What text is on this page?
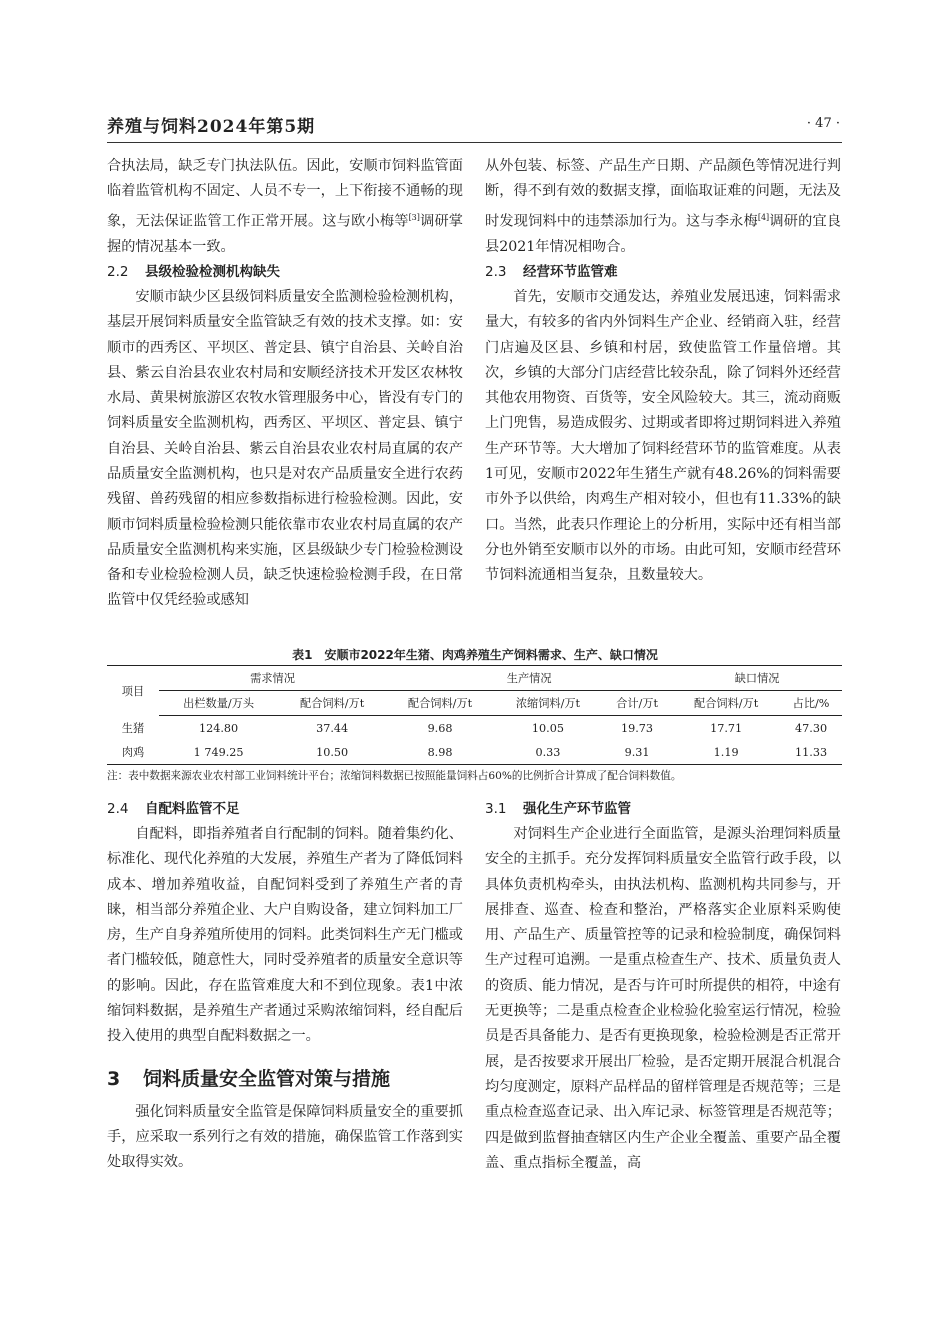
养殖与饲料2024年第5期	· 47 ·

合执法局，缺乏专门执法队伍。因此，安顺市饲料监管面临着监管机构不固定、人员不专一，上下衔接不通畅的现象，无法保证监管工作正常开展。这与欧小梅等[3]调研掌握的情况基本一致。

2.2 县级检验检测机构缺失

安顺市缺少区县级饲料质量安全监测检验检测机构，基层开展饲料质量安全监管缺乏有效的技术支撑。如：安顺市的西秀区、平坝区、普定县、镇宁自治县、关岭自治县、紫云自治县农业农村局和安顺经济技术开发区农林牧水局、黄果树旅游区农牧水管理服务中心，皆没有专门的饲料质量安全监测机构，西秀区、平坝区、普定县、镇宁自治县、关岭自治县、紫云自治县农业农村局直属的农产品质量安全监测机构，也只是对农产品质量安全进行农药残留、兽药残留的相应参数指标进行检验检测。因此，安顺市饲料质量检验检测只能依靠市农业农村局直属的农产品质量安全监测机构来实施，区县级缺少专门检验检测设备和专业检验检测人员，缺乏快速检验检测手段，在日常监管中仅凭经验或感知

从外包装、标签、产品生产日期、产品颜色等情况进行判断，得不到有效的数据支撑，面临取证难的问题，无法及时发现饲料中的违禁添加行为。这与李永梅[4]调研的宜良县2021年情况相吻合。

2.3 经营环节监管难

首先，安顺市交通发达，养殖业发展迅速，饲料需求量大，有较多的省内外饲料生产企业、经销商入驻，经营门店遍及区县、乡镇和村居，致使监管工作量倍增。其次，乡镇的大部分门店经营比较杂乱，除了饲料外还经营其他农用物资、百货等，安全风险较大。其三，流动商贩上门兜售，易造成假劣、过期或者即将过期饲料进入养殖生产环节等。大大增加了饲料经营环节的监管难度。从表1可见，安顺市2022年生猪生产就有48.26%的饲料需要市外予以供给，肉鸡生产相对较小，但也有11.33%的缺口。当然，此表只作理论上的分析用，实际中还有相当部分也外销至安顺市以外的市场。由此可知，安顺市经营环节饲料流通相当复杂，且数量较大。

表1　安顺市2022年生猪、肉鸡养殖生产饲料需求、生产、缺口情况
项目	需求情况		生产情况			缺口情况	
	出栏数量/万头	配合饲料/万t	配合饲料/万t	浓缩饲料/万t	合计/万t	配合饲料/万t	占比/%
生猪	124.80	37.44	9.68	10.05	19.73	17.71	47.30
肉鸡	1 749.25	10.50	8.98	0.33	9.31	1.19	11.33
注：表中数据来源农业农村部工业饲料统计平台；浓缩饲料数据已按照能量饲料占60%的比例折合计算成了配合饲料数值。
2.4 自配料监管不足

自配料，即指养殖者自行配制的饲料。随着集约化、标准化、现代化养殖的大发展，养殖生产者为了降低饲料成本、增加养殖收益，自配饲料受到了养殖生产者的青睐，相当部分养殖企业、大户自购设备，建立饲料加工厂房，生产自身养殖所使用的饲料。此类饲料生产无门槛或者门槛较低，随意性大，同时受养殖者的质量安全意识等的影响。因此，存在监管难度大和不到位现象。表1中浓缩饲料数据，是养殖生产者通过采购浓缩饲料，经自配后投入使用的典型自配料数据之一。

3 饲料质量安全监管对策与措施

强化饲料质量安全监管是保障饲料质量安全的重要抓手，应采取一系列行之有效的措施，确保监管工作落到实处取得实效。

3.1 强化生产环节监管

对饲料生产企业进行全面监管，是源头治理饲料质量安全的主抓手。充分发挥饲料质量安全监管行政手段，以具体负责机构牵头，由执法机构、监测机构共同参与，开展排查、巡查、检查和整治，严格落实企业原料采购使用、产品生产、质量管控等的记录和检验制度，确保饲料生产过程可追溯。一是重点检查生产、技术、质量负责人的资质、能力情况，是否与许可时所提供的相符，中途有无更换等；二是重点检查企业检验化验室运行情况，检验员是否具备能力、是否有更换现象，检验检测是否正常开展，是否按要求开展出厂检验，是否定期开展混合机混合均匀度测定，原料产品样品的留样管理是否规范等；三是重点检查巡查记录、出入库记录、标签管理是否规范等；四是做到监督抽查辖区内生产企业全覆盖、重要产品全覆盖、重点指标全覆盖，高
